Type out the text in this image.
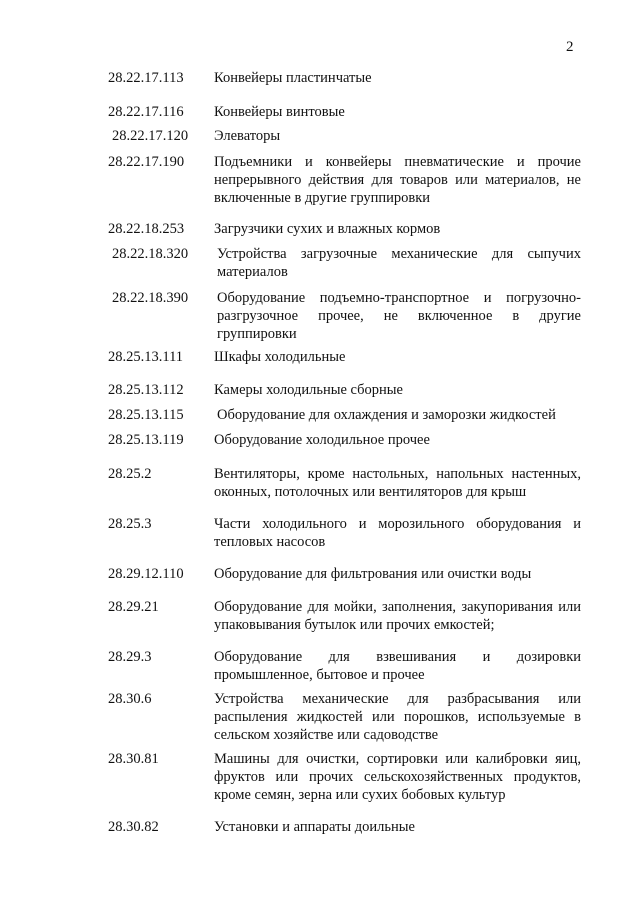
2
28.22.17.113 Конвейеры пластинчатые
28.22.17.116 Конвейеры винтовые
28.22.17.120 Элеваторы
28.22.17.190 Подъемники и конвейеры пневматические и прочие непрерывного действия для товаров или материалов, не включенные в другие группировки
28.22.18.253 Загрузчики сухих и влажных кормов
28.22.18.320 Устройства загрузочные механические для сыпучих материалов
28.22.18.390 Оборудование подъемно-транспортное и погрузочно-разгрузочное прочее, не включенное в другие группировки
28.25.13.111 Шкафы холодильные
28.25.13.112 Камеры холодильные сборные
28.25.13.115 Оборудование для охлаждения и заморозки жидкостей
28.25.13.119 Оборудование холодильное прочее
28.25.2	Вентиляторы, кроме настольных, напольных настенных, оконных, потолочных или вентиляторов для крыш
28.25.3	Части холодильного и морозильного оборудования и тепловых насосов
28.29.12.110 Оборудование для фильтрования или очистки воды
28.29.21	Оборудование для мойки, заполнения, закупоривания или упаковывания бутылок или прочих емкостей;
28.29.3	Оборудование для взвешивания и дозировки промышленное, бытовое и прочее
28.30.6	Устройства механические для разбрасывания или распыления жидкостей или порошков, используемые в сельском хозяйстве или садоводстве
28.30.81	Машины для очистки, сортировки или калибровки яиц, фруктов или прочих сельскохозяйственных продуктов, кроме семян, зерна или сухих бобовых культур
28.30.82	Установки и аппараты доильные
